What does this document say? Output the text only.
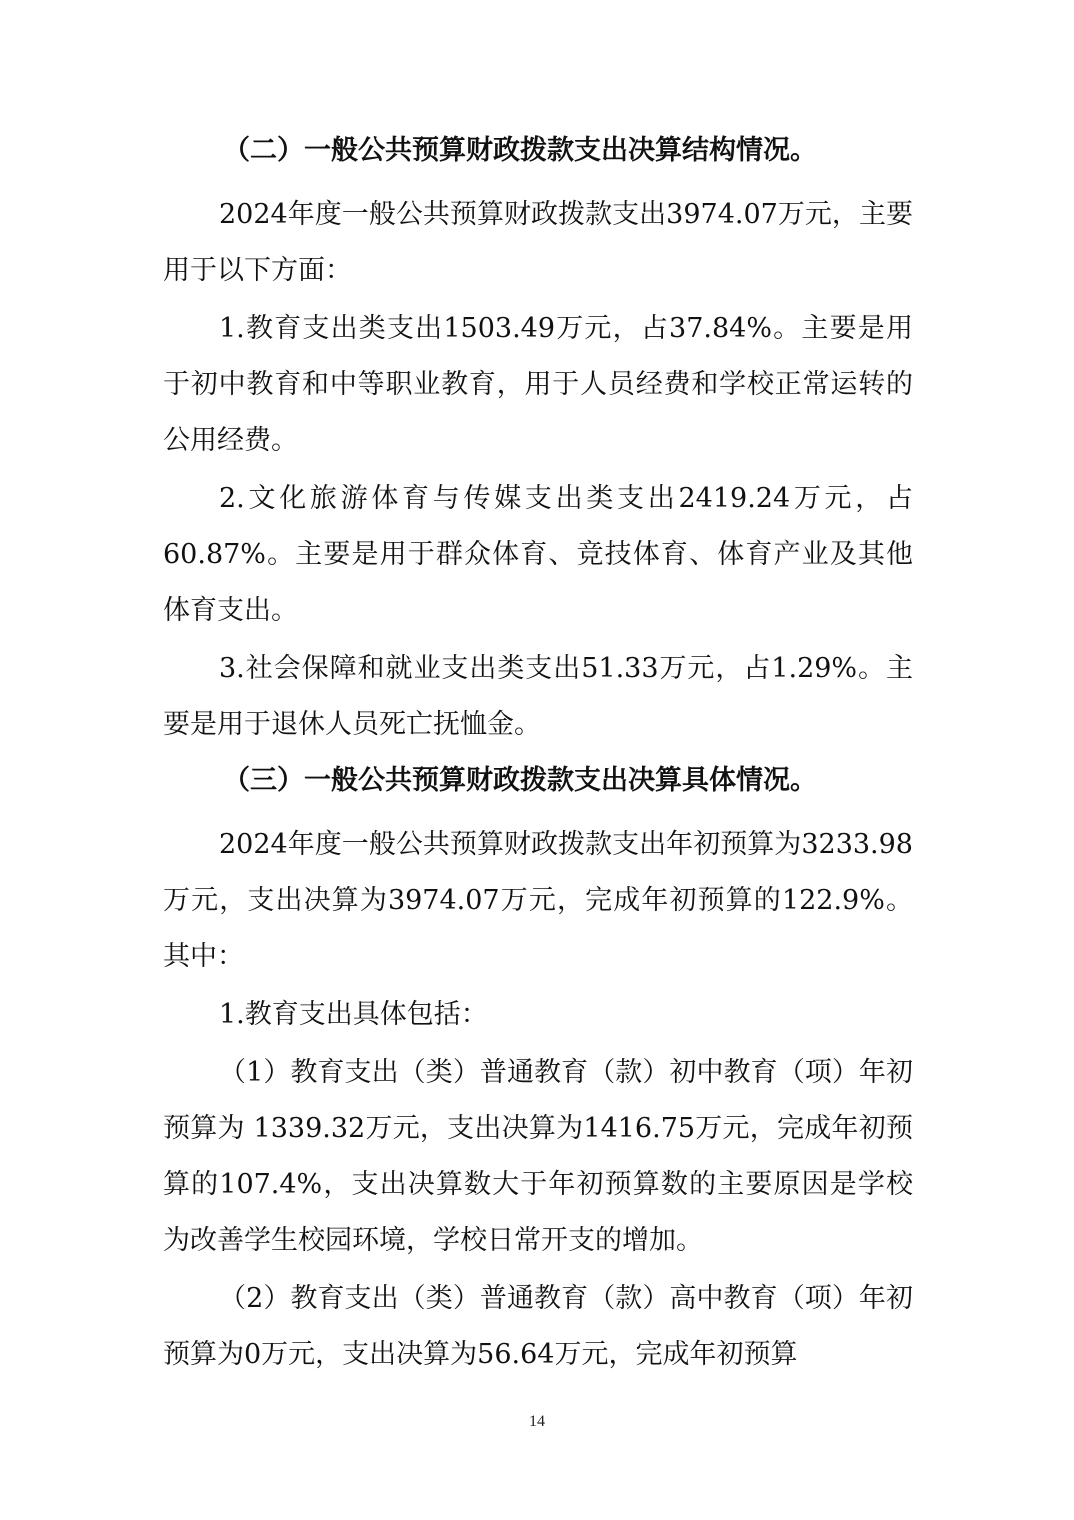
（二）一般公共预算财政拨款支出决算结构情况。

2024年度一般公共预算财政拨款支出3974.07万元，主要用于以下方面：

1.教育支出类支出1503.49万元，占37.84%。主要是用于初中教育和中等职业教育，用于人员经费和学校正常运转的公用经费。

2.文化旅游体育与传媒支出类支出2419.24万元，占60.87%。主要是用于群众体育、竞技体育、体育产业及其他体育支出。

3.社会保障和就业支出类支出51.33万元，占1.29%。主要是用于退休人员死亡抚恤金。

（三）一般公共预算财政拨款支出决算具体情况。

2024年度一般公共预算财政拨款支出年初预算为3233.98万元，支出决算为3974.07万元，完成年初预算的122.9%。其中：

1.教育支出具体包括：

（1）教育支出（类）普通教育（款）初中教育（项）年初预算为 1339.32万元，支出决算为1416.75万元，完成年初预算的107.4%，支出决算数大于年初预算数的主要原因是学校为改善学生校园环境，学校日常开支的增加。

（2）教育支出（类）普通教育（款）高中教育（项）年初预算为0万元，支出决算为56.64万元，完成年初预算

14
